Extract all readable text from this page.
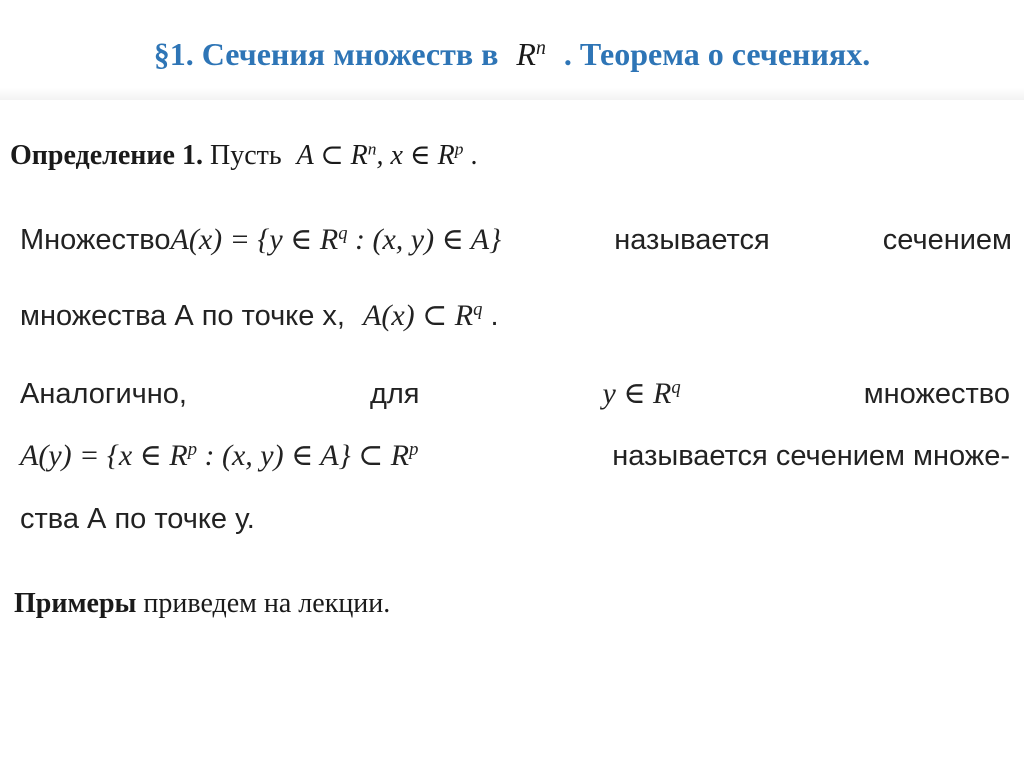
§1. Сечения множеств в $R^n$ . Теорема о сечениях.
Определение 1. Пусть A ⊂ $R^n$, x ∈ $R^p$ .
МножествоA(x) = {y ∈ $R^q$ : (x, y) ∈ A}	называется	сечением
множества А по точке х, A(x) ⊂ $R^q$ .
Аналогично,	для	y ∈ $R^q$	множество
A(y) = {x ∈ $R^p$ : (x, y) ∈ A} ⊂ $R^p$	называется сечением множе-
ства А по точке у.
Примеры приведем на лекции.
